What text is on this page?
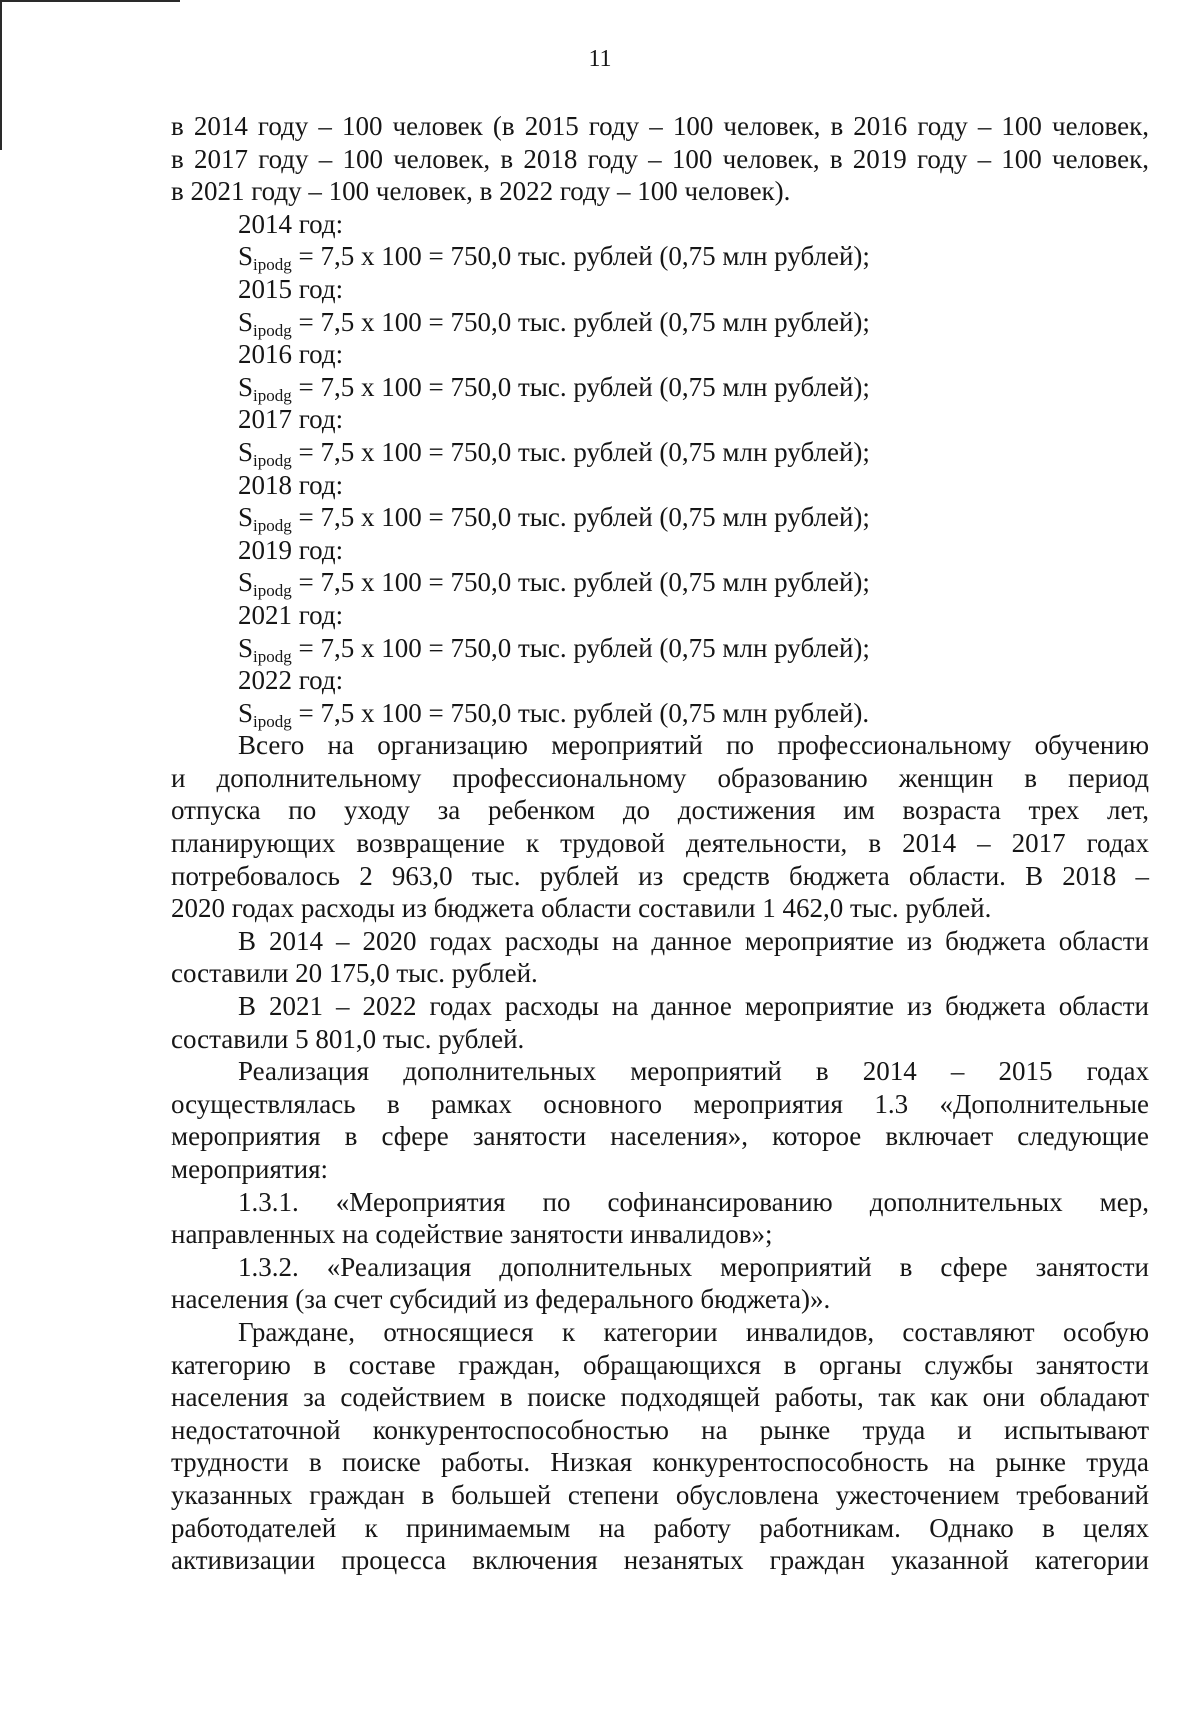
11
в 2014 году – 100 человек (в 2015 году – 100 человек, в 2016 году – 100 человек,
в 2017 году – 100 человек, в 2018 году – 100 человек, в 2019 году – 100 человек,
в 2021 году – 100 человек, в 2022 году – 100 человек).
2014 год:
$S_{ipodg} = 7,5$ х 100 = 750,0 тыс. рублей (0,75 млн рублей);
2015 год:
$S_{ipodg} = 7,5$ х 100 = 750,0 тыс. рублей (0,75 млн рублей);
2016 год:
$S_{ipodg} = 7,5$ х 100 = 750,0 тыс. рублей (0,75 млн рублей);
2017 год:
$S_{ipodg} = 7,5$ х 100 = 750,0 тыс. рублей (0,75 млн рублей);
2018 год:
$S_{ipodg} = 7,5$ х 100 = 750,0 тыс. рублей (0,75 млн рублей);
2019 год:
$S_{ipodg} = 7,5$ х 100 = 750,0 тыс. рублей (0,75 млн рублей);
2021 год:
$S_{ipodg} = 7,5$ х 100 = 750,0 тыс. рублей (0,75 млн рублей);
2022 год:
$S_{ipodg} = 7,5$ х 100 = 750,0 тыс. рублей (0,75 млн рублей).
Всего на организацию мероприятий по профессиональному обучению
и дополнительному профессиональному образованию женщин в период
отпуска по уходу за ребенком до достижения им возраста трех лет,
планирующих возвращение к трудовой деятельности, в 2014 – 2017 годах
потребовалось 2 963,0 тыс. рублей из средств бюджета области. В 2018 –
2020 годах расходы из бюджета области составили 1 462,0 тыс. рублей.
В 2014 – 2020 годах расходы на данное мероприятие из бюджета области
составили 20 175,0 тыс. рублей.
В 2021 – 2022 годах расходы на данное мероприятие из бюджета области
составили 5 801,0 тыс. рублей.
Реализация дополнительных мероприятий в 2014 – 2015 годах
осуществлялась в рамках основного мероприятия 1.3 «Дополнительные
мероприятия в сфере занятости населения», которое включает следующие
мероприятия:
1.3.1. «Мероприятия по софинансированию дополнительных мер,
направленных на содействие занятости инвалидов»;
1.3.2. «Реализация дополнительных мероприятий в сфере занятости
населения (за счет субсидий из федерального бюджета)».
Граждане, относящиеся к категории инвалидов, составляют особую
категорию в составе граждан, обращающихся в органы службы занятости
населения за содействием в поиске подходящей работы, так как они обладают
недостаточной конкурентоспособностью на рынке труда и испытывают
трудности в поиске работы. Низкая конкурентоспособность на рынке труда
указанных граждан в большей степени обусловлена ужесточением требований
работодателей к принимаемым на работу работникам. Однако в целях
активизации процесса включения незанятых граждан указанной категории
